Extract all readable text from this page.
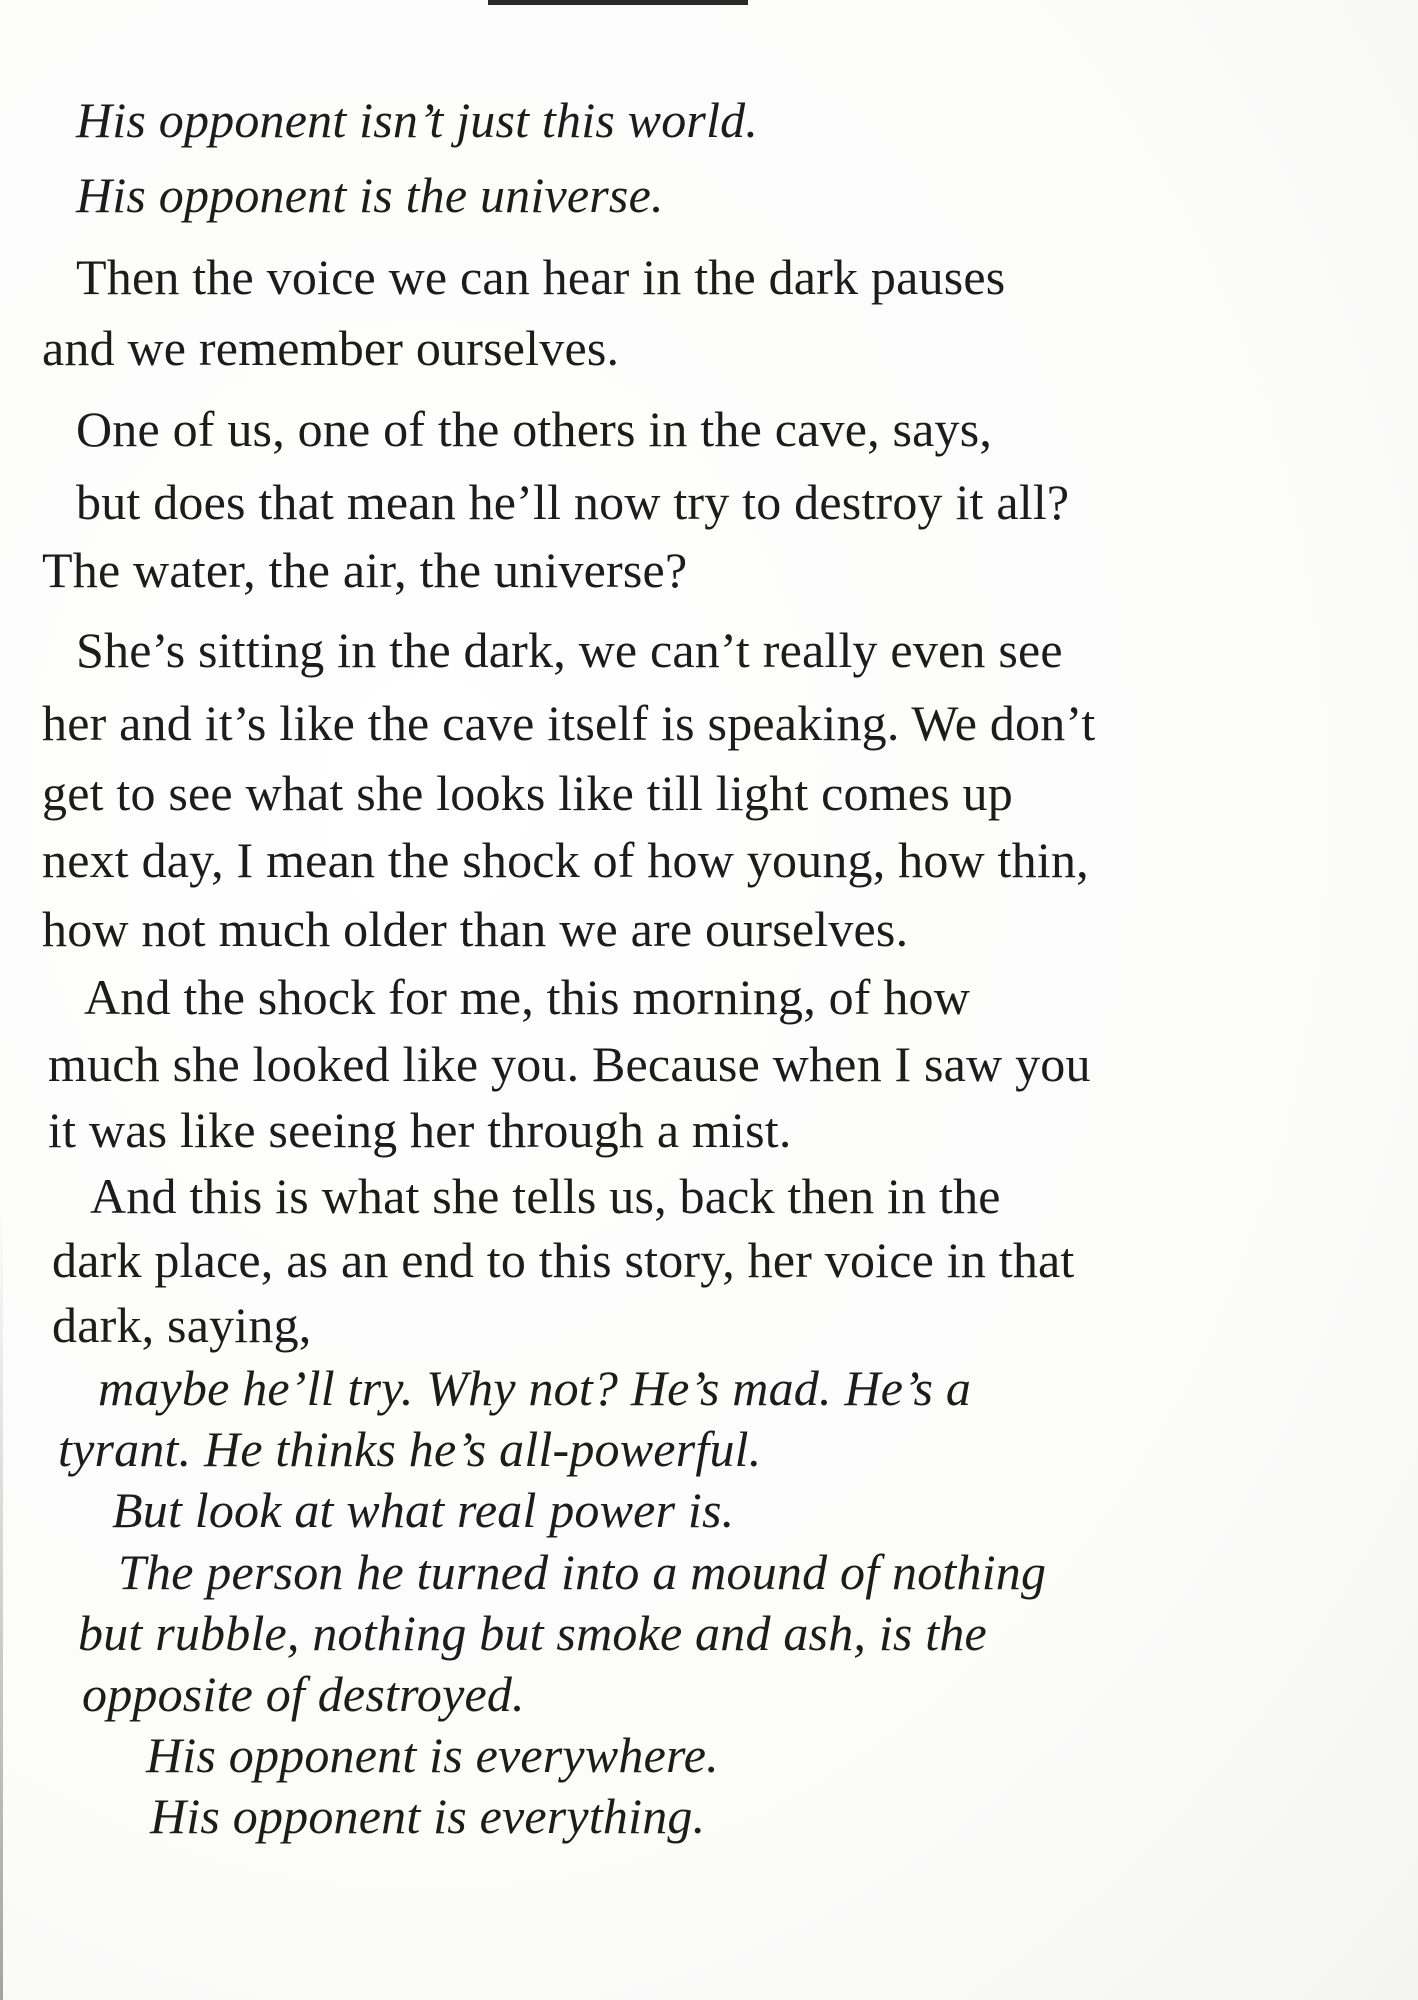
His opponent isn’t just this world.
His opponent is the universe.
Then the voice we can hear in the dark pauses
and we remember ourselves.
One of us, one of the others in the cave, says,
but does that mean he’ll now try to destroy it all?
The water, the air, the universe?
She’s sitting in the dark, we can’t really even see
her and it’s like the cave itself is speaking. We don’t
get to see what she looks like till light comes up
next day, I mean the shock of how young, how thin,
how not much older than we are ourselves.
And the shock for me, this morning, of how
much she looked like you. Because when I saw you
it was like seeing her through a mist.
And this is what she tells us, back then in the
dark place, as an end to this story, her voice in that
dark, saying,
maybe he’ll try. Why not? He’s mad. He’s a
tyrant. He thinks he’s all-powerful.
But look at what real power is.
The person he turned into a mound of nothing
but rubble, nothing but smoke and ash, is the
opposite of destroyed.
His opponent is everywhere.
His opponent is everything.
